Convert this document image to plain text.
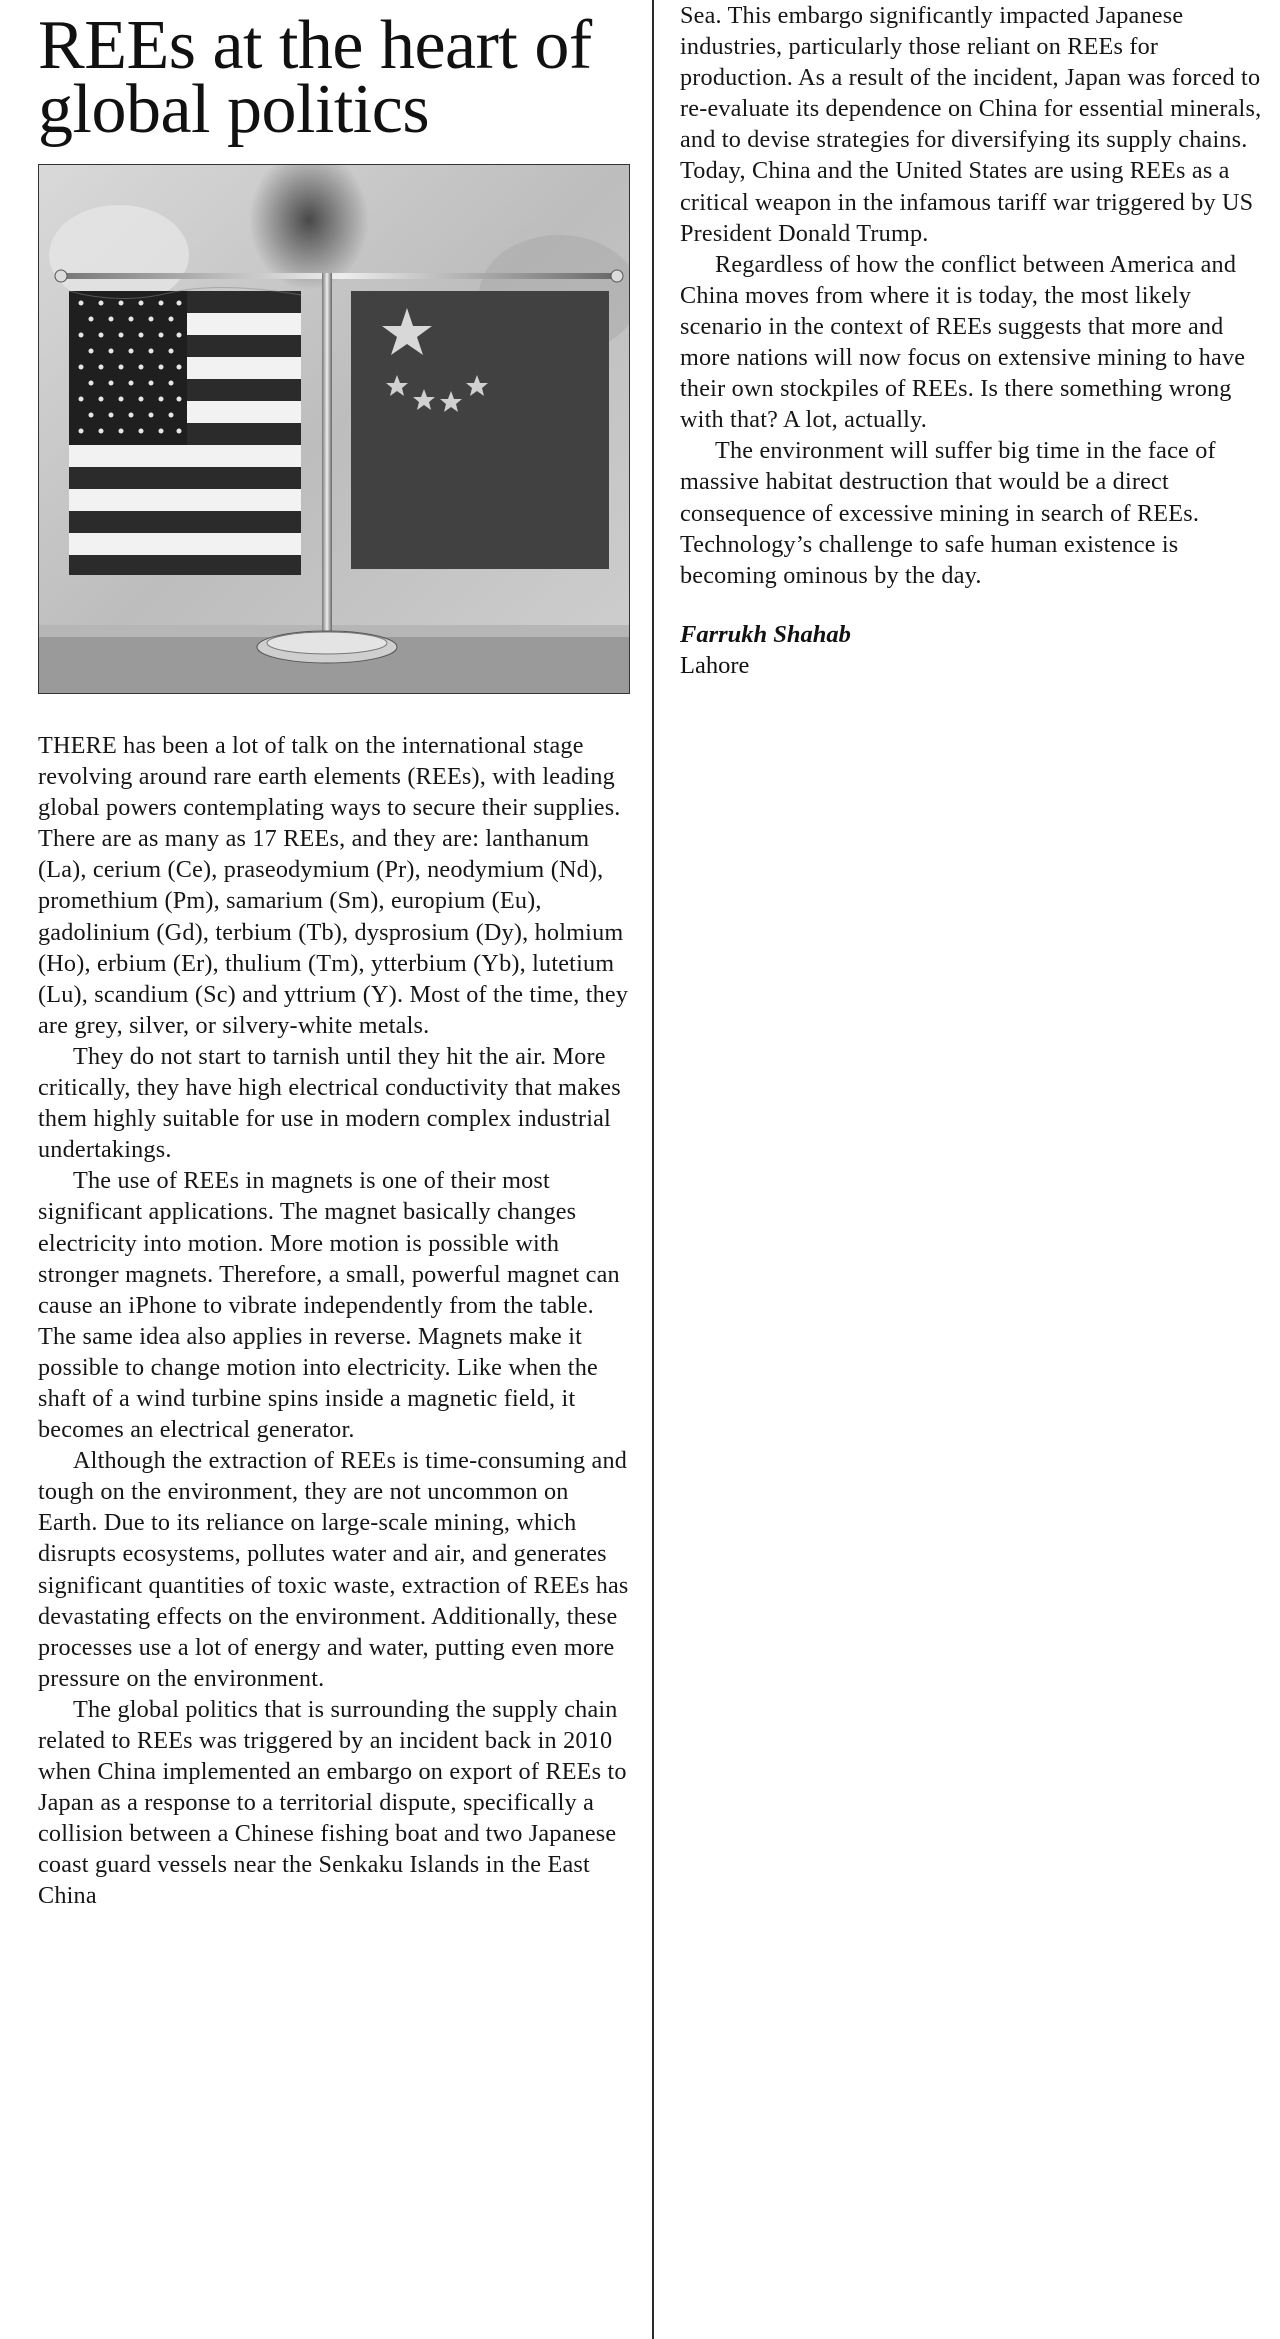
REEs at the heart of global politics

THERE has been a lot of talk on the international stage revolving around rare earth elements (REEs), with leading global powers contemplating ways to secure their supplies. There are as many as 17 REEs, and they are: lanthanum (La), cerium (Ce), praseodymium (Pr), neodymium (Nd), promethium (Pm), samarium (Sm), europium (Eu), gadolinium (Gd), terbium (Tb), dysprosium (Dy), holmium (Ho), erbium (Er), thulium (Tm), ytterbium (Yb), lutetium (Lu), scandium (Sc) and yttrium (Y). Most of the time, they are grey, silver, or silvery-white metals.

They do not start to tarnish until they hit the air. More critically, they have high electrical conductivity that makes them highly suitable for use in modern complex industrial undertakings.

The use of REEs in magnets is one of their most significant applications. The magnet basically changes electricity into motion. More motion is possible with stronger magnets. Therefore, a small, powerful magnet can cause an iPhone to vibrate independently from the table. The same idea also applies in reverse. Magnets make it possible to change motion into electricity. Like when the shaft of a wind turbine spins inside a magnetic field, it becomes an electrical generator.

Although the extraction of REEs is time-consuming and tough on the environment, they are not uncommon on Earth. Due to its reliance on large-scale mining, which disrupts ecosystems, pollutes water and air, and generates significant quantities of toxic waste, extraction of REEs has devastating effects on the environment. Additionally, these processes use a lot of energy and water, putting even more pressure on the environment.

The global politics that is surrounding the supply chain related to REEs was triggered by an incident back in 2010 when China implemented an embargo on export of REEs to Japan as a response to a territorial dispute, specifically a collision between a Chinese fishing boat and two Japanese coast guard vessels near the Senkaku Islands in the East China

Sea. This embargo significantly impacted Japanese industries, particularly those reliant on REEs for production. As a result of the incident, Japan was forced to re-evaluate its dependence on China for essential minerals, and to devise strategies for diversifying its supply chains. Today, China and the United States are using REEs as a critical weapon in the infamous tariff war triggered by US President Donald Trump.

Regardless of how the conflict between America and China moves from where it is today, the most likely scenario in the context of REEs suggests that more and more nations will now focus on extensive mining to have their own stockpiles of REEs. Is there something wrong with that? A lot, actually.

The environment will suffer big time in the face of massive habitat destruction that would be a direct consequence of excessive mining in search of REEs. Technology’s challenge to safe human existence is becoming ominous by the day.

Farrukh Shahab
Lahore
